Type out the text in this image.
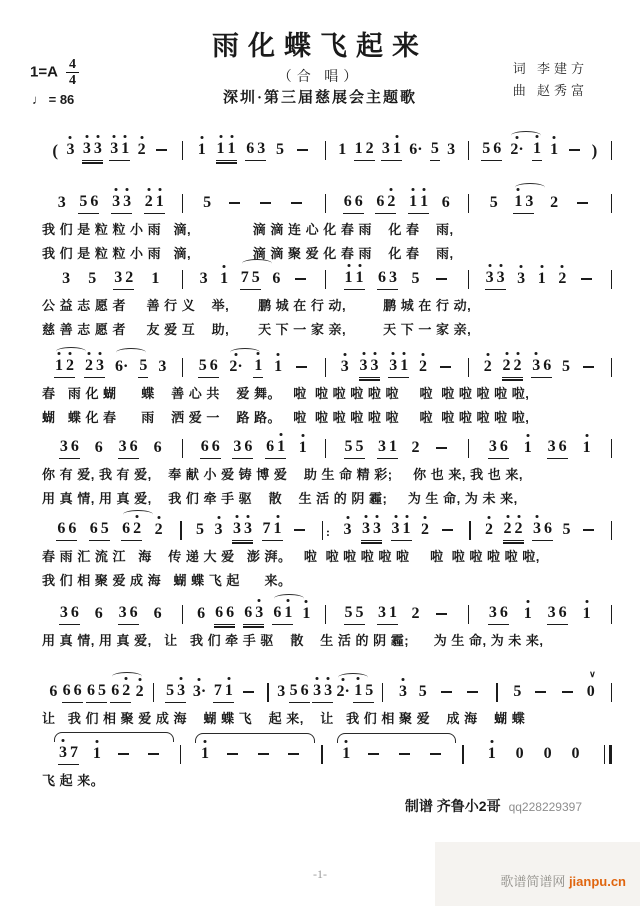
雨化蝶飞起来
（合 唱）
深圳·第三届慈展会主题歌
$1=A \frac{4}{4}$
♩ = 86
词 李建方
曲 赵秀富
( 3 3 3 3 1 2	1 1 1 6 3 5	1 1 2 3 1 6· 5 3 5 6 2· 1 1 )
3 5 6 3 3 2 1 5	6 6 6 2 1 1 6 5 1 3 2
我 们 是 粒 粒 小 雨   滴,               滴 滴 连 心 化 春 雨    化 春    雨,
我 们 是 粒 粒 小 雨   滴,               滴 滴 聚 爱 化 春 雨    化 春    雨,
3 5 3 2 1	3 1 7 5 6	1 1 6 3 5	3 3 3 1 2
公 益 志 愿 者     善 行 义    举,       鹏 城 在 行 动,         鹏 城 在 行 动,
慈 善 志 愿 者     友 爱 互    助,       天 下 一 家 亲,         天 下 一 家 亲,
1 2 2 3 6· 5 3 5 6 2· 1 1	3 3 3 3 1 2	2 2 2 3 6 5
春   雨 化 蝴      蝶    善 心 共    爱 舞。   啦  啦 啦 啦 啦 啦     啦  啦 啦 啦 啦 啦,
蝴   蝶 化 春      雨    洒 爱 一    路 路。   啦  啦 啦 啦 啦 啦     啦  啦 啦 啦 啦 啦,
3 6 6 3 6 6 6 6 3 6 6 1 1 5 5 3 1 2	3 6 1 3 6 1
你 有 爱, 我 有 爱,    奉 献 小 爱 铸 博 爱    助 生 命 精 彩;     你 也 来, 我 也 来,
用 真 情, 用 真 爱,    我 们 牵 手 驱    散    生 活 的 阴 霾;     为 生 命, 为 未 来,
6 6 6 5 6 2 2 5 3 3 3 7 1	: 3 3 3 3 1 2	2 2 2 3 6 5
春 雨 汇 流 江   海    传 递 大 爱   澎 湃。   啦  啦 啦 啦 啦 啦     啦  啦 啦 啦 啦 啦,
我 们 相 聚 爱 成 海   蝴 蝶 飞 起      来。
3 6 6 3 6 6 6 6 6 6 3 6 1 1 5 5 3 1 2	3 6 1 3 6 1
用 真 情, 用 真 爱,   让   我 们 牵 手 驱    散    生 活 的 阴 霾;      为 生 命, 为 未 来,
6 6 6 6 5 6 2 2 5 3 3· 7 1	3 5 6 3 3 2· 1 5 3 5	5	0
∨
让   我 们 相 聚 爱 成 海    蝴 蝶 飞    起 来,    让   我 们 相 聚 爱    成 海    蝴 蝶
3 7 1	1	1	1 0 0 0
飞 起 来。
制谱 齐鲁小2哥 qq228229397
-1-	歌谱简谱网 jianpu.cn
